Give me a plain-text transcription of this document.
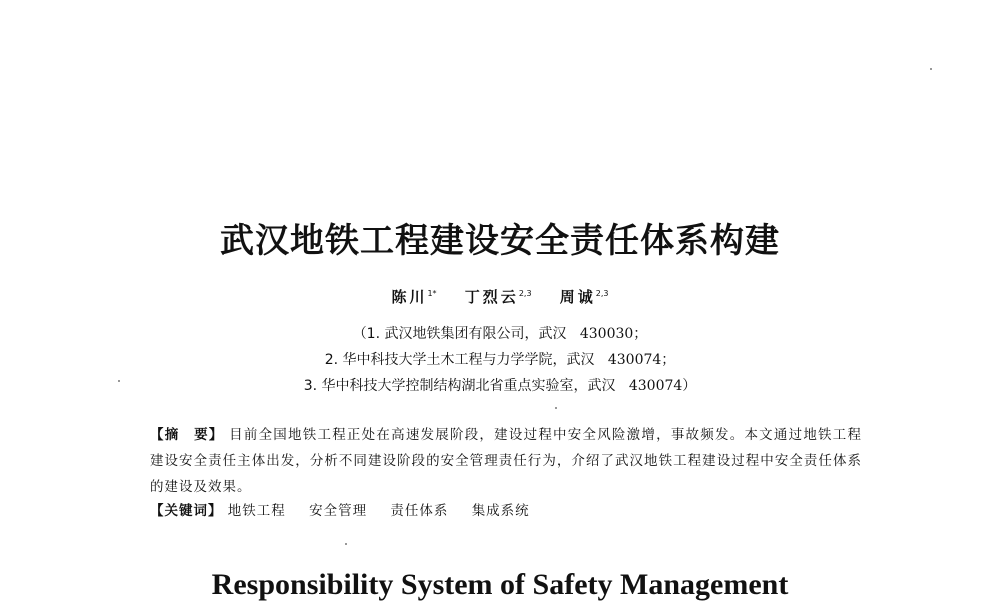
武汉地铁工程建设安全责任体系构建
陈川$^{1*}$ 丁烈云$^{2,3}$ 周诚$^{2,3}$
（1. 武汉地铁集团有限公司，武汉 430030；
2. 华中科技大学土木工程与力学学院，武汉 430074；
3. 华中科技大学控制结构湖北省重点实验室，武汉 430074）
【摘　要】 目前全国地铁工程正处在高速发展阶段，建设过程中安全风险激增，事故频发。本文通过地铁工程建设安全责任主体出发，分析不同建设阶段的安全管理责任行为，介绍了武汉地铁工程建设过程中安全责任体系的建设及效果。
【关键词】 地铁工程 安全管理 责任体系 集成系统
Responsibility System of Safety Management
